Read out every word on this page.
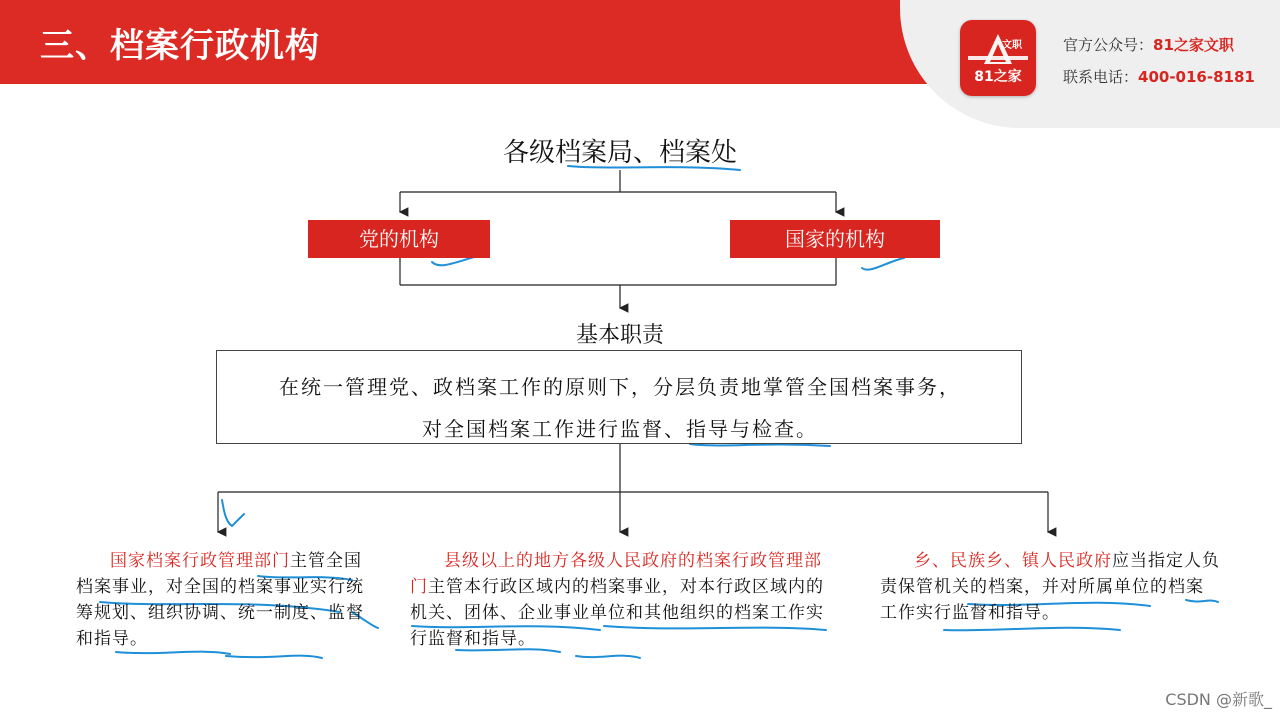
三、档案行政机构	文职
81之家
官方公众号：81之家文职
联系电话：400-016-8181
各级档案局、档案处
党的机构	国家的机构
基本职责
在统一管理党、政档案工作的原则下，分层负责地掌管全国档案事务，
对全国档案工作进行监督、指导与检查。
国家档案行政管理部门主管全国档案事业，对全国的档案事业实行统筹规划、组织协调、统一制度、监督和指导。
县级以上的地方各级人民政府的档案行政管理部门主管本行政区域内的档案事业，对本行政区域内的机关、团体、企业事业单位和其他组织的档案工作实行监督和指导。
乡、民族乡、镇人民政府应当指定人负责保管机关的档案，并对所属单位的档案工作实行监督和指导。
CSDN @新歌_
